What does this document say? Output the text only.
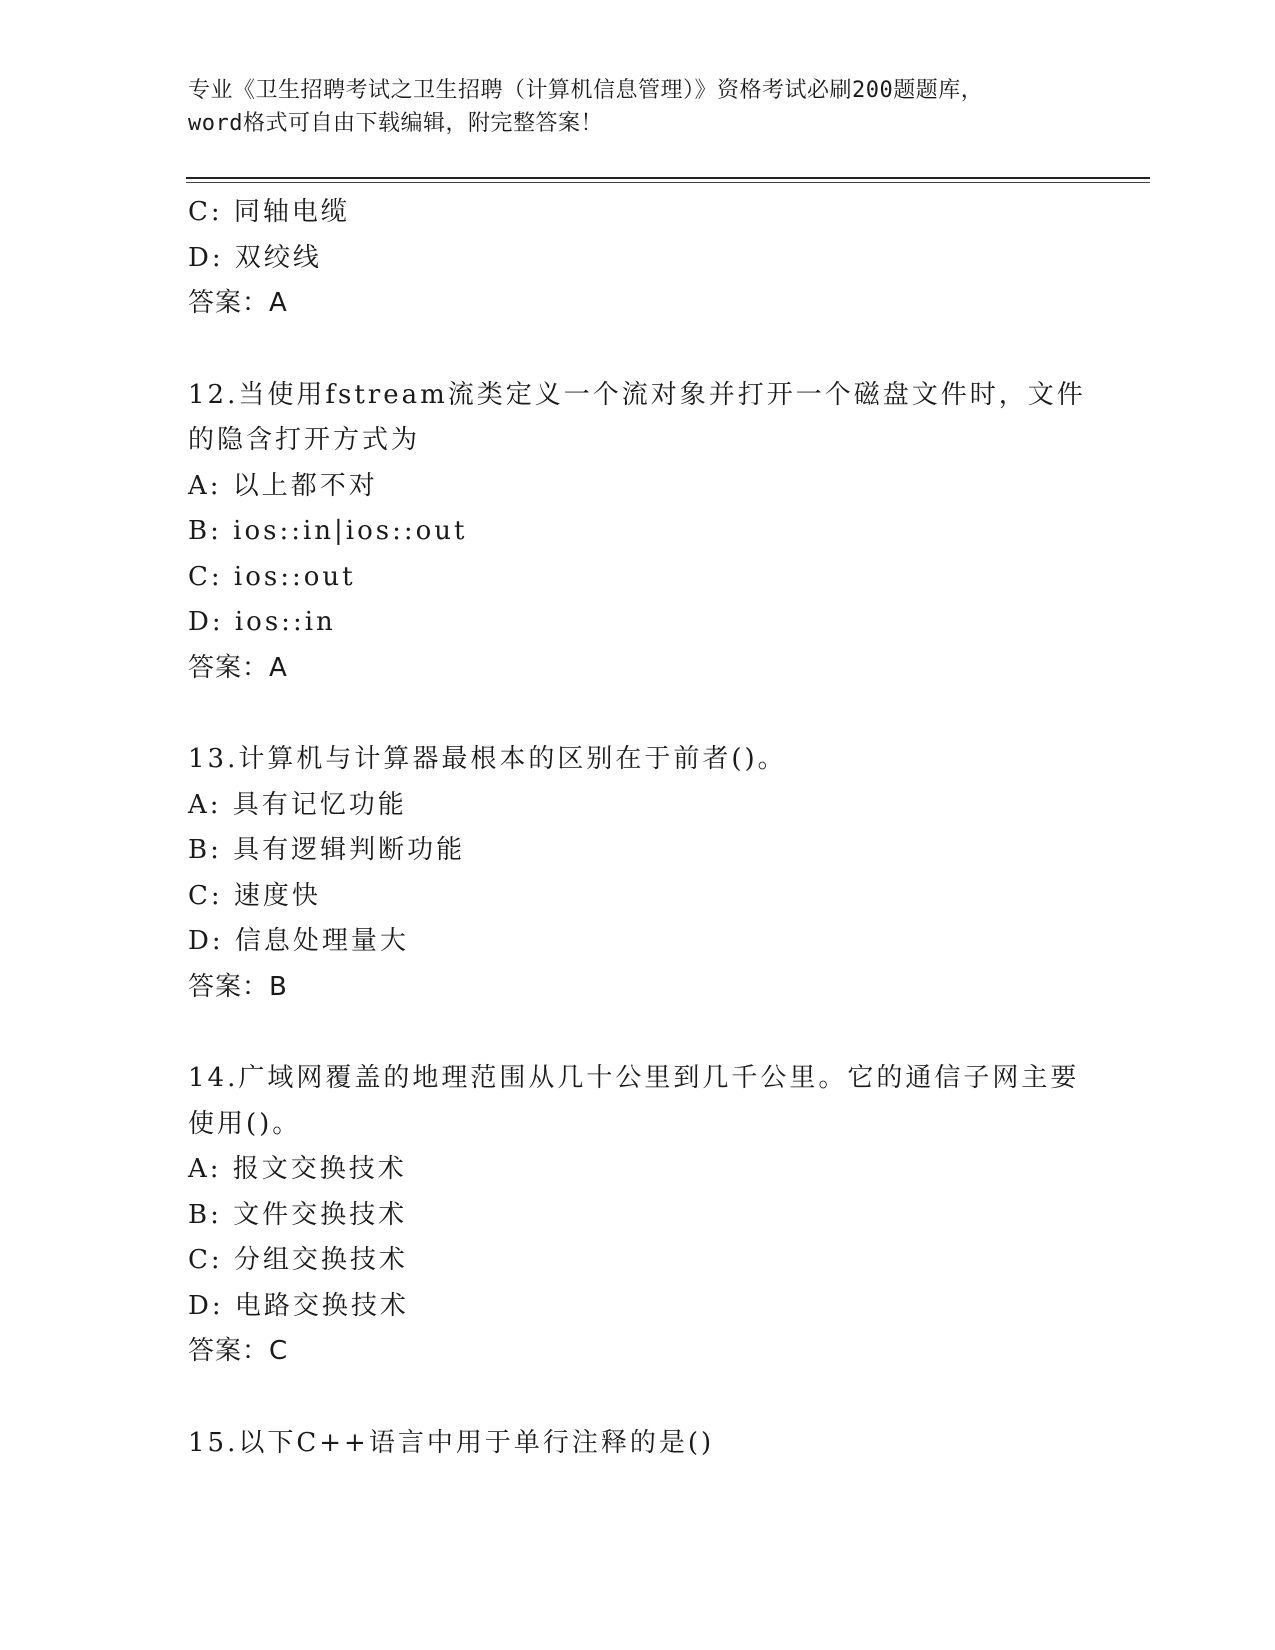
专业《卫生招聘考试之卫生招聘（计算机信息管理）》资格考试必刷200题题库，
word格式可自由下载编辑，附完整答案！
C: 同轴电缆
D: 双绞线
答案：A
12.当使用fstream流类定义一个流对象并打开一个磁盘文件时，文件
的隐含打开方式为
A: 以上都不对
B: ios::in|ios::out
C: ios::out
D: ios::in
答案：A
13.计算机与计算器最根本的区别在于前者()。
A: 具有记忆功能
B: 具有逻辑判断功能
C: 速度快
D: 信息处理量大
答案：B
14.广域网覆盖的地理范围从几十公里到几千公里。它的通信子网主要
使用()。
A: 报文交换技术
B: 文件交换技术
C: 分组交换技术
D: 电路交换技术
答案：C
15.以下C++语言中用于单行注释的是()
